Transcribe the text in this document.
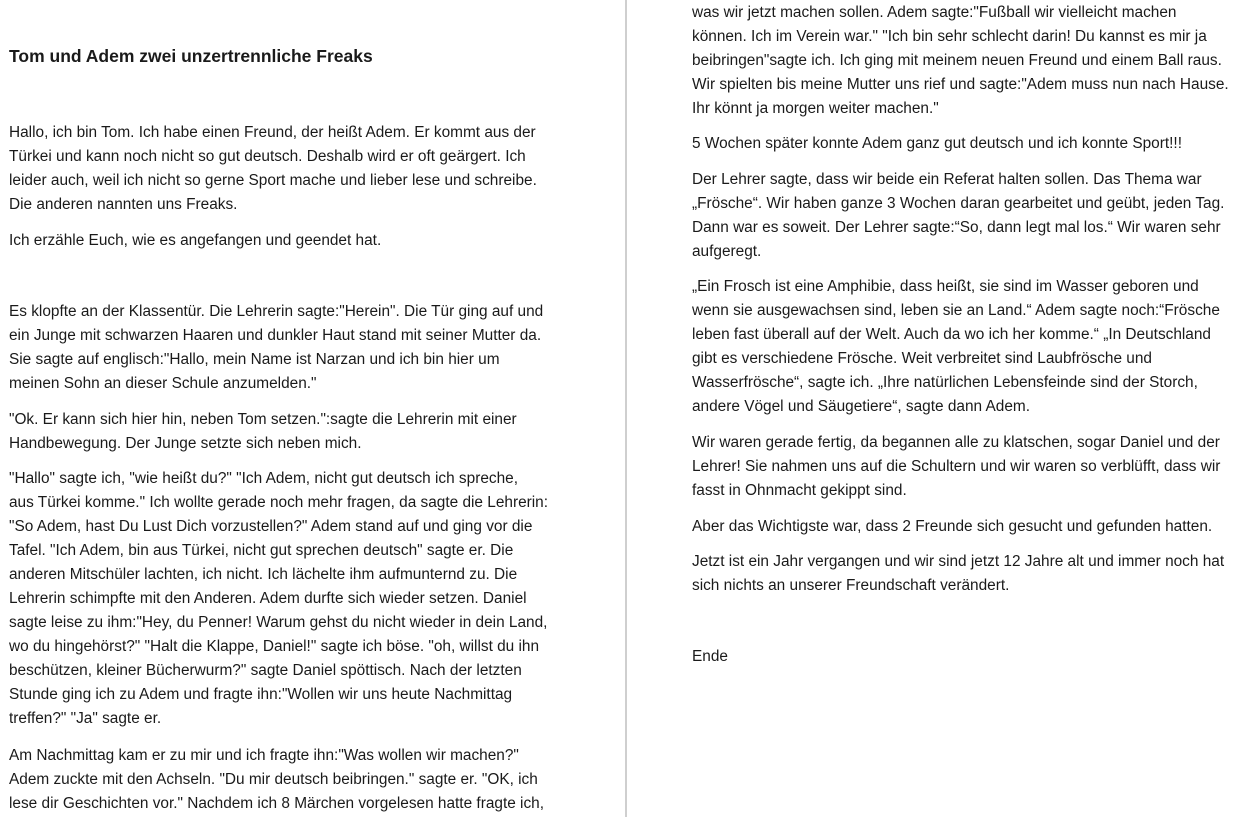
Tom und Adem zwei unzertrennliche Freaks

Hallo, ich bin Tom. Ich habe einen Freund, der heißt Adem. Er kommt aus der
Türkei und kann noch nicht so gut deutsch. Deshalb wird er oft geärgert. Ich
leider auch, weil ich nicht so gerne Sport mache und lieber lese und schreibe.
Die anderen nannten uns Freaks.

Ich erzähle Euch, wie es angefangen und geendet hat.

Es klopfte an der Klassentür. Die Lehrerin sagte:"Herein". Die Tür ging auf und
ein Junge mit schwarzen Haaren und dunkler Haut stand mit seiner Mutter da.
Sie sagte auf englisch:"Hallo, mein Name ist Narzan und ich bin hier um
meinen Sohn an dieser Schule anzumelden."

"Ok. Er kann sich hier hin, neben Tom setzen.":sagte die Lehrerin mit einer
Handbewegung. Der Junge setzte sich neben mich.

"Hallo" sagte ich, "wie heißt du?" "Ich Adem, nicht gut deutsch ich spreche,
aus Türkei komme." Ich wollte gerade noch mehr fragen, da sagte die Lehrerin:
"So Adem, hast Du Lust Dich vorzustellen?" Adem stand auf und ging vor die
Tafel. "Ich Adem, bin aus Türkei, nicht gut sprechen deutsch" sagte er. Die
anderen Mitschüler lachten, ich nicht. Ich lächelte ihm aufmunternd zu. Die
Lehrerin schimpfte mit den Anderen. Adem durfte sich wieder setzen. Daniel
sagte leise zu ihm:"Hey, du Penner! Warum gehst du nicht wieder in dein Land,
wo du hingehörst?" "Halt die Klappe, Daniel!" sagte ich böse. "oh, willst du ihn
beschützen, kleiner Bücherwurm?" sagte Daniel spöttisch. Nach der letzten
Stunde ging ich zu Adem und fragte ihn:"Wollen wir uns heute Nachmittag
treffen?" "Ja" sagte er.

Am Nachmittag kam er zu mir und ich fragte ihn:"Was wollen wir machen?"
Adem zuckte mit den Achseln. "Du mir deutsch beibringen." sagte er. "OK, ich
lese dir Geschichten vor." Nachdem ich 8 Märchen vorgelesen hatte fragte ich,

was wir jetzt machen sollen. Adem sagte:"Fußball wir vielleicht machen
können. Ich im Verein war." "Ich bin sehr schlecht darin! Du kannst es mir ja
beibringen"sagte ich. Ich ging mit meinem neuen Freund und einem Ball raus.
Wir spielten bis meine Mutter uns rief und sagte:"Adem muss nun nach Hause.
Ihr könnt ja morgen weiter machen."

5 Wochen später konnte Adem ganz gut deutsch und ich konnte Sport!!!

Der Lehrer sagte, dass wir beide ein Referat halten sollen. Das Thema war
„Frösche“. Wir haben ganze 3 Wochen daran gearbeitet und geübt, jeden Tag.
Dann war es soweit. Der Lehrer sagte:“So, dann legt mal los.“ Wir waren sehr
aufgeregt.

„Ein Frosch ist eine Amphibie, dass heißt, sie sind im Wasser geboren und
wenn sie ausgewachsen sind, leben sie an Land.“ Adem sagte noch:“Frösche
leben fast überall auf der Welt. Auch da wo ich her komme.“ „In Deutschland
gibt es verschiedene Frösche. Weit verbreitet sind Laubfrösche und
Wasserfrösche“, sagte ich. „Ihre natürlichen Lebensfeinde sind der Storch,
andere Vögel und Säugetiere“, sagte dann Adem.

Wir waren gerade fertig, da begannen alle zu klatschen, sogar Daniel und der
Lehrer! Sie nahmen uns auf die Schultern und wir waren so verblüfft, dass wir
fasst in Ohnmacht gekippt sind.

Aber das Wichtigste war, dass 2 Freunde sich gesucht und gefunden hatten.

Jetzt ist ein Jahr vergangen und wir sind jetzt 12 Jahre alt und immer noch hat
sich nichts an unserer Freundschaft verändert.

Ende
